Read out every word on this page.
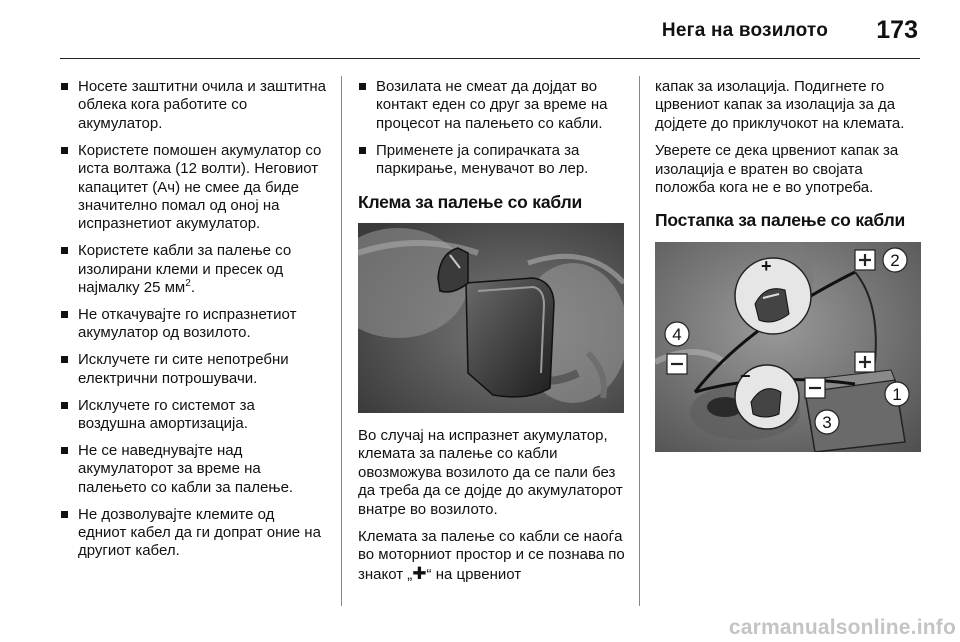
Нега на возилото 173
Носете заштитни очила и заштитна облека кога работите со акумулатор.
Користете помошен акумулатор со иста волтажа (12 волти). Неговиот капацитет (Ач) не смее да биде значително помал од оној на испразнетиот акумулатор.
Користете кабли за палење со изолирани клеми и пресек од најмалку 25 $мм^2$.
Не откачувајте го испразнетиот акумулатор од возилото.
Исклучете ги сите непотребни електрични потрошувачи.
Исклучете го системот за воздушна амортизација.
Не се наведнувајте над акумулаторот за време на палењето со кабли за палење.
Не дозволувајте клемите од едниот кабел да ги допрат оние на другиот кабел.
Возилата не смеат да дојдат во контакт еден со друг за време на процесот на палењето со кабли.
Применете ја сопирачката за паркирање, менувачот во лер.
Клема за палење со кабли

Во случај на испразнет акумулатор, клемата за палење со кабли овозможува возилото да се пали без да треба да се дојде до акумулаторот внатре во возилото.

Клемата за палење со кабли се наоѓа во моторниот простор и се познава по знакот „✚“ на црвениот

капак за изолација. Подигнете го црвениот капак за изолација за да дојдете до приклучокот на клемата.

Уверете се дека црвениот капак за изолација е вратен во својата положба кога не е во употреба.

Постапка за палење со кабли
+
−
2
4
1
3
carmanualsonline.info
